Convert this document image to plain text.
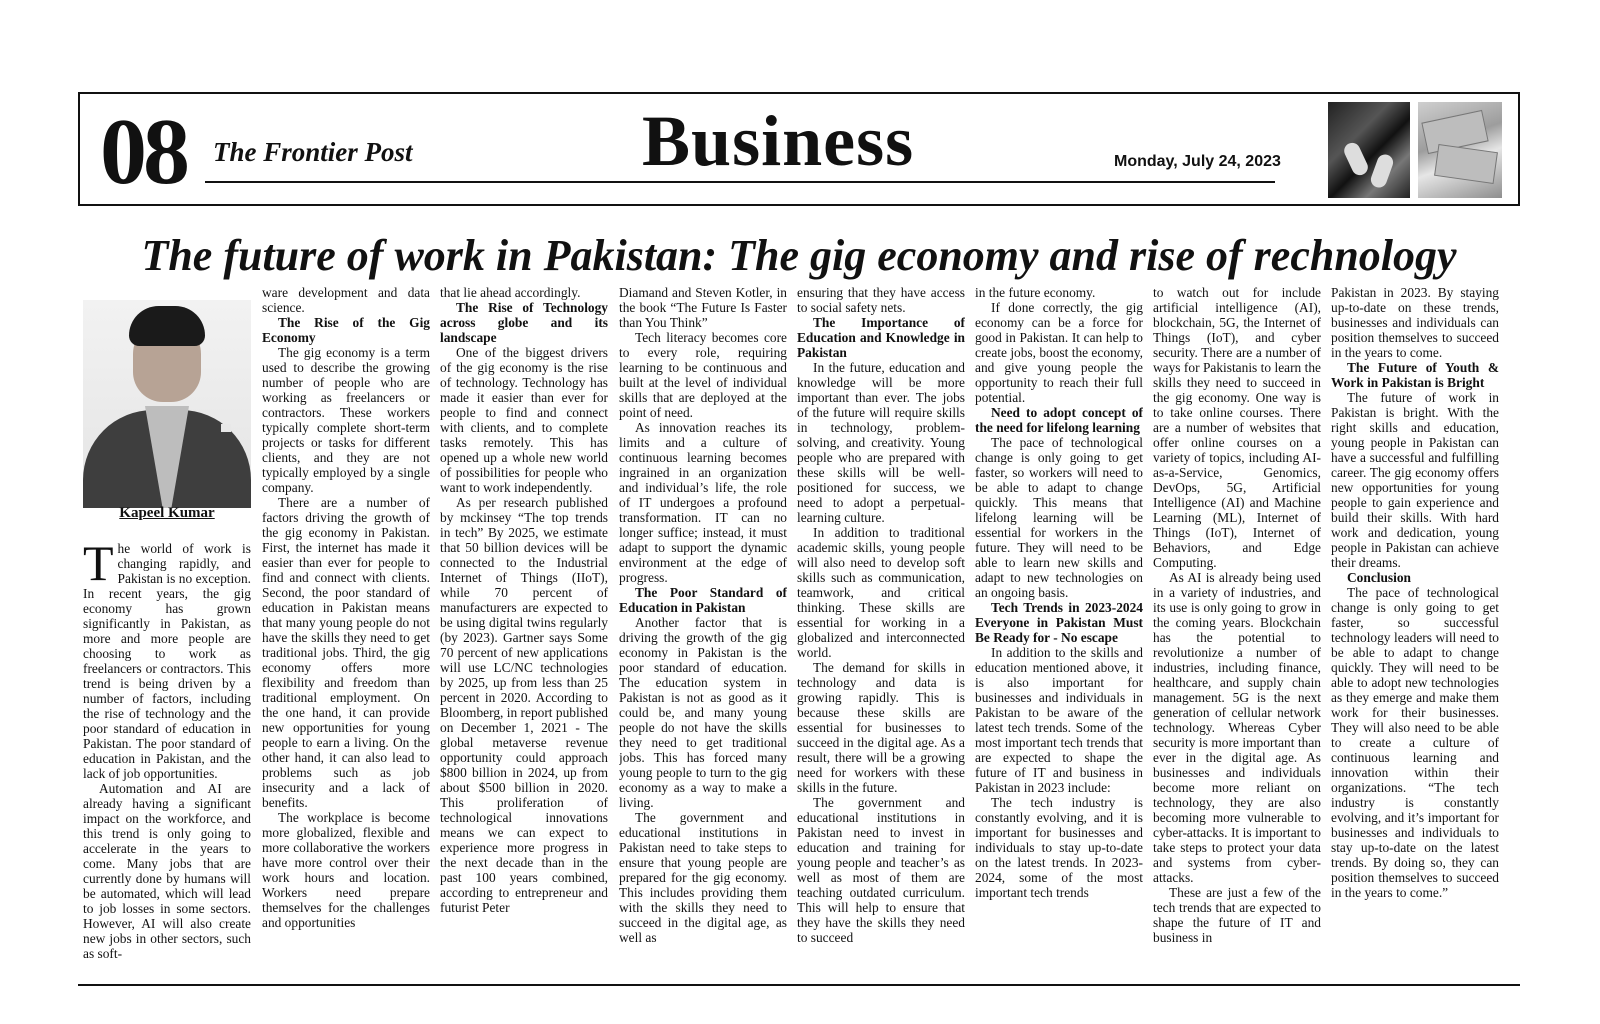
08 The Frontier Post	Business	Monday, July 24, 2023
The future of work in Pakistan: The gig economy and rise of rechnology
Kapeel Kumar

The world of work is changing rapidly, and Pakistan is no exception. In recent years, the gig economy has grown significantly in Pakistan, as more and more people are choosing to work as freelancers or contractors. This trend is being driven by a number of factors, including the rise of technology and the poor standard of education in Pakistan. The poor standard of education in Pakistan, and the lack of job opportunities.

Automation and AI are already having a significant impact on the workforce, and this trend is only going to accelerate in the years to come. Many jobs that are currently done by humans will be automated, which will lead to job losses in some sectors. However, AI will also create new jobs in other sectors, such as soft-

ware development and data science.

The Rise of the Gig Economy

The gig economy is a term used to describe the growing number of people who are working as freelancers or contractors. These workers typically complete short-term projects or tasks for different clients, and they are not typically employed by a single company.

There are a number of factors driving the growth of the gig economy in Pakistan. First, the internet has made it easier than ever for people to find and connect with clients. Second, the poor standard of education in Pakistan means that many young people do not have the skills they need to get traditional jobs. Third, the gig economy offers more flexibility and freedom than traditional employment. On the one hand, it can provide new opportunities for young people to earn a living. On the other hand, it can also lead to problems such as job insecurity and a lack of benefits.

The workplace is become more globalized, flexible and more collaborative the workers have more control over their work hours and location. Workers need prepare themselves for the challenges and opportunities

that lie ahead accordingly.

The Rise of Technology across globe and its landscape

One of the biggest drivers of the gig economy is the rise of technology. Technology has made it easier than ever for people to find and connect with clients, and to complete tasks remotely. This has opened up a whole new world of possibilities for people who want to work independently.

As per research published by mckinsey “The top trends in tech” By 2025, we estimate that 50 billion devices will be connected to the Industrial Internet of Things (IIoT), while 70 percent of manufacturers are expected to be using digital twins regularly (by 2023). Gartner says Some 70 percent of new applications will use LC/NC technologies by 2025, up from less than 25 percent in 2020. According to Bloomberg, in report published on December 1, 2021 - The global metaverse revenue opportunity could approach $800 billion in 2024, up from about $500 billion in 2020. This proliferation of technological innovations means we can expect to experience more progress in the next decade than in the past 100 years combined, according to entrepreneur and futurist Peter

Diamand and Steven Kotler, in the book “The Future Is Faster than You Think”

Tech literacy becomes core to every role, requiring learning to be continuous and built at the level of individual skills that are deployed at the point of need.

As innovation reaches its limits and a culture of continuous learning becomes ingrained in an organization and individual’s life, the role of IT undergoes a profound transformation. IT can no longer suffice; instead, it must adapt to support the dynamic environment at the edge of progress.

The Poor Standard of Education in Pakistan

Another factor that is driving the growth of the gig economy in Pakistan is the poor standard of education. The education system in Pakistan is not as good as it could be, and many young people do not have the skills they need to get traditional jobs. This has forced many young people to turn to the gig economy as a way to make a living.

The government and educational institutions in Pakistan need to take steps to ensure that young people are prepared for the gig economy. This includes providing them with the skills they need to succeed in the digital age, as well as

ensuring that they have access to social safety nets.

The Importance of Education and Knowledge in Pakistan

In the future, education and knowledge will be more important than ever. The jobs of the future will require skills in technology, problem-solving, and creativity. Young people who are prepared with these skills will be well-positioned for success, we need to adopt a perpetual-learning culture.

In addition to traditional academic skills, young people will also need to develop soft skills such as communication, teamwork, and critical thinking. These skills are essential for working in a globalized and interconnected world.

The demand for skills in technology and data is growing rapidly. This is because these skills are essential for businesses to succeed in the digital age. As a result, there will be a growing need for workers with these skills in the future.

The government and educational institutions in Pakistan need to invest in education and training for young people and teacher’s as well as most of them are teaching outdated curriculum. This will help to ensure that they have the skills they need to succeed

in the future economy.

If done correctly, the gig economy can be a force for good in Pakistan. It can help to create jobs, boost the economy, and give young people the opportunity to reach their full potential.

Need to adopt concept of the need for lifelong learning

The pace of technological change is only going to get faster, so workers will need to be able to adapt to change quickly. This means that lifelong learning will be essential for workers in the future. They will need to be able to learn new skills and adapt to new technologies on an ongoing basis.

Tech Trends in 2023-2024 Everyone in Pakistan Must Be Ready for - No escape

In addition to the skills and education mentioned above, it is also important for businesses and individuals in Pakistan to be aware of the latest tech trends. Some of the most important tech trends that are expected to shape the future of IT and business in Pakistan in 2023 include:

The tech industry is constantly evolving, and it is important for businesses and individuals to stay up-to-date on the latest trends. In 2023-2024, some of the most important tech trends

to watch out for include artificial intelligence (AI), blockchain, 5G, the Internet of Things (IoT), and cyber security. There are a number of ways for Pakistanis to learn the skills they need to succeed in the gig economy. One way is to take online courses. There are a number of websites that offer online courses on a variety of topics, including AI-as-a-Service, Genomics, DevOps, 5G, Artificial Intelligence (AI) and Machine Learning (ML), Internet of Things (IoT), Internet of Behaviors, and Edge Computing.

As AI is already being used in a variety of industries, and its use is only going to grow in the coming years. Blockchain has the potential to revolutionize a number of industries, including finance, healthcare, and supply chain management. 5G is the next generation of cellular network technology. Whereas Cyber security is more important than ever in the digital age. As businesses and individuals become more reliant on technology, they are also becoming more vulnerable to cyber-attacks. It is important to take steps to protect your data and systems from cyber-attacks.

These are just a few of the tech trends that are expected to shape the future of IT and business in

Pakistan in 2023. By staying up-to-date on these trends, businesses and individuals can position themselves to succeed in the years to come.

The Future of Youth & Work in Pakistan is Bright

The future of work in Pakistan is bright. With the right skills and education, young people in Pakistan can have a successful and fulfilling career. The gig economy offers new opportunities for young people to gain experience and build their skills. With hard work and dedication, young people in Pakistan can achieve their dreams.

Conclusion

The pace of technological change is only going to get faster, so successful technology leaders will need to be able to adapt to change quickly. They will need to be able to adopt new technologies as they emerge and make them work for their businesses. They will also need to be able to create a culture of continuous learning and innovation within their organizations. “The tech industry is constantly evolving, and it’s important for businesses and individuals to stay up-to-date on the latest trends. By doing so, they can position themselves to succeed in the years to come.”
